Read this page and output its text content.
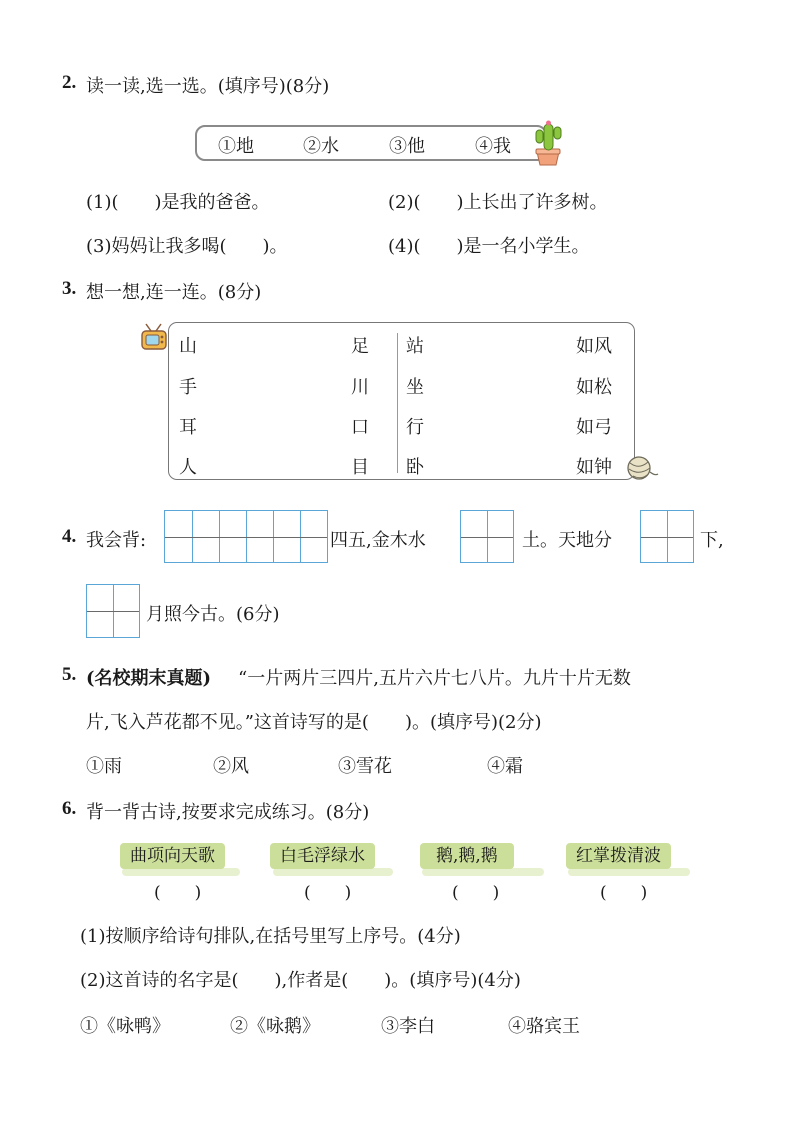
2. 读一读,选一选。(填序号)(8分)
①地	②水	③他	④我
(1)(　　)是我的爸爸。	(2)(　　)上长出了许多树。
(3)妈妈让我多喝(　　)。	(4)(　　)是一名小学生。
3. 想一想,连一连。(8分)
山
手
耳
人
足
川
口
目
站
坐
行
卧
如风
如松
如弓
如钟
4. 我会背:	四五,金木水	土。天地分	下,
月照今古。(6分)
5. (名校期末真题) “一片两片三四片,五片六片七八片。九片十片无数
片,飞入芦花都不见。”这首诗写的是(　　)。(填序号)(2分)
①雨	②风	③雪花	④霜
6. 背一背古诗,按要求完成练习。(8分)
曲项向天歌	白毛浮绿水	鹅,鹅,鹅	红掌拨清波
(　　)	(　　)	(　　)	(　　)
(1)按顺序给诗句排队,在括号里写上序号。(4分)
(2)这首诗的名字是(　　),作者是(　　)。(填序号)(4分)
①《咏鸭》	②《咏鹅》	③李白	④骆宾王
